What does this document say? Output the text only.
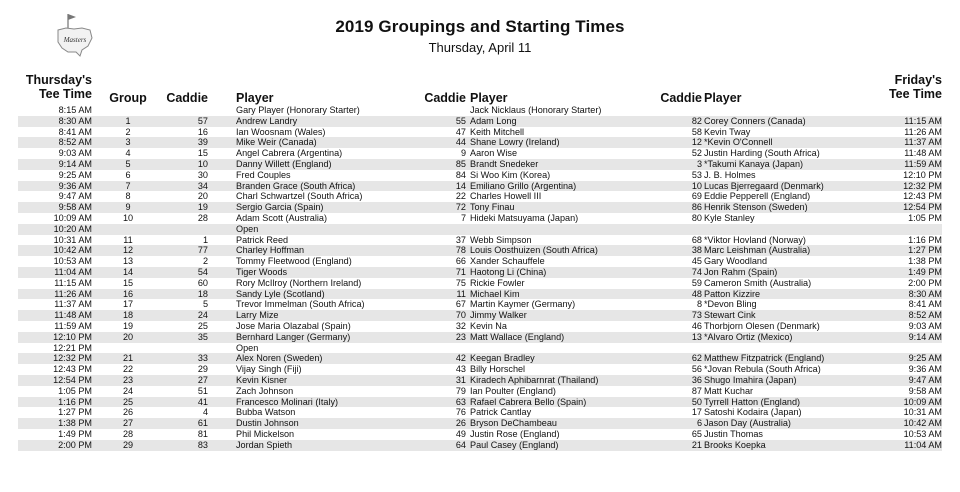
Masters
2019 Groupings and Starting Times
Thursday, April 11
Thursday's
Tee Time Group	Caddie Player	Caddie Player	Caddie Player
Friday's
Tee Time
8:15 AM	Gary Player (Honorary Starter)	Jack Nicklaus (Honorary Starter)
8:30 AM	1	57	Andrew Landry	55 Adam Long	82 Corey Conners (Canada)	11:15 AM
8:41 AM	2	16	Ian Woosnam (Wales)	47 Keith Mitchell	58 Kevin Tway	11:26 AM
8:52 AM	3	39	Mike Weir (Canada)	44 Shane Lowry (Ireland)	12 *Kevin O'Connell	11:37 AM
9:03 AM	4	15	Angel Cabrera (Argentina)	9 Aaron Wise	52 Justin Harding (South Africa)	11:48 AM
9:14 AM	5	10	Danny Willett (England)	85 Brandt Snedeker	3 *Takumi Kanaya (Japan)	11:59 AM
9:25 AM	6	30	Fred Couples	84 Si Woo Kim (Korea)	53 J. B. Holmes	12:10 PM
9:36 AM	7	34	Branden Grace (South Africa)	14 Emiliano Grillo (Argentina)	10 Lucas Bjerregaard (Denmark)	12:32 PM
9:47 AM	8	20	Charl Schwartzel (South Africa)	22 Charles Howell III	69 Eddie Pepperell (England)	12:43 PM
9:58 AM	9	19	Sergio Garcia (Spain)	72 Tony Finau	86 Henrik Stenson (Sweden)	12:54 PM
10:09 AM	10	28	Adam Scott (Australia)	7 Hideki Matsuyama (Japan)	80 Kyle Stanley	1:05 PM
10:20 AM	Open
10:31 AM	11	1	Patrick Reed	37 Webb Simpson	68 *Viktor Hovland (Norway)	1:16 PM
10:42 AM	12	77	Charley Hoffman	78 Louis Oosthuizen (South Africa)	38 Marc Leishman (Australia)	1:27 PM
10:53 AM	13	2	Tommy Fleetwood (England)	66 Xander Schauffele	45 Gary Woodland	1:38 PM
11:04 AM	14	54	Tiger Woods	71 Haotong Li (China)	74 Jon Rahm (Spain)	1:49 PM
11:15 AM	15	60	Rory McIlroy (Northern Ireland)	75 Rickie Fowler	59 Cameron Smith (Australia)	2:00 PM
11:26 AM	16	18	Sandy Lyle (Scotland)	11 Michael Kim	48 Patton Kizzire	8:30 AM
11:37 AM	17	5	Trevor Immelman (South Africa)	67 Martin Kaymer (Germany)	8 *Devon Bling	8:41 AM
11:48 AM	18	24	Larry Mize	70 Jimmy Walker	73 Stewart Cink	8:52 AM
11:59 AM	19	25	Jose Maria Olazabal (Spain)	32 Kevin Na	46 Thorbjorn Olesen (Denmark)	9:03 AM
12:10 PM	20	35	Bernhard Langer (Germany)	23 Matt Wallace (England)	13 *Alvaro Ortiz (Mexico)	9:14 AM
12:21 PM	Open
12:32 PM	21	33	Alex Noren (Sweden)	42 Keegan Bradley	62 Matthew Fitzpatrick (England)	9:25 AM
12:43 PM	22	29	Vijay Singh (Fiji)	43 Billy Horschel	56 *Jovan Rebula (South Africa)	9:36 AM
12:54 PM	23	27	Kevin Kisner	31 Kiradech Aphibarnrat (Thailand)	36 Shugo Imahira (Japan)	9:47 AM
1:05 PM	24	51	Zach Johnson	79 Ian Poulter (England)	87 Matt Kuchar	9:58 AM
1:16 PM	25	41	Francesco Molinari (Italy)	63 Rafael Cabrera Bello (Spain)	50 Tyrrell Hatton (England)	10:09 AM
1:27 PM	26	4	Bubba Watson	76 Patrick Cantlay	17 Satoshi Kodaira (Japan)	10:31 AM
1:38 PM	27	61	Dustin Johnson	26 Bryson DeChambeau	6 Jason Day (Australia)	10:42 AM
1:49 PM	28	81	Phil Mickelson	49 Justin Rose (England)	65 Justin Thomas	10:53 AM
2:00 PM	29	83	Jordan Spieth	64 Paul Casey (England)	21 Brooks Koepka	11:04 AM
